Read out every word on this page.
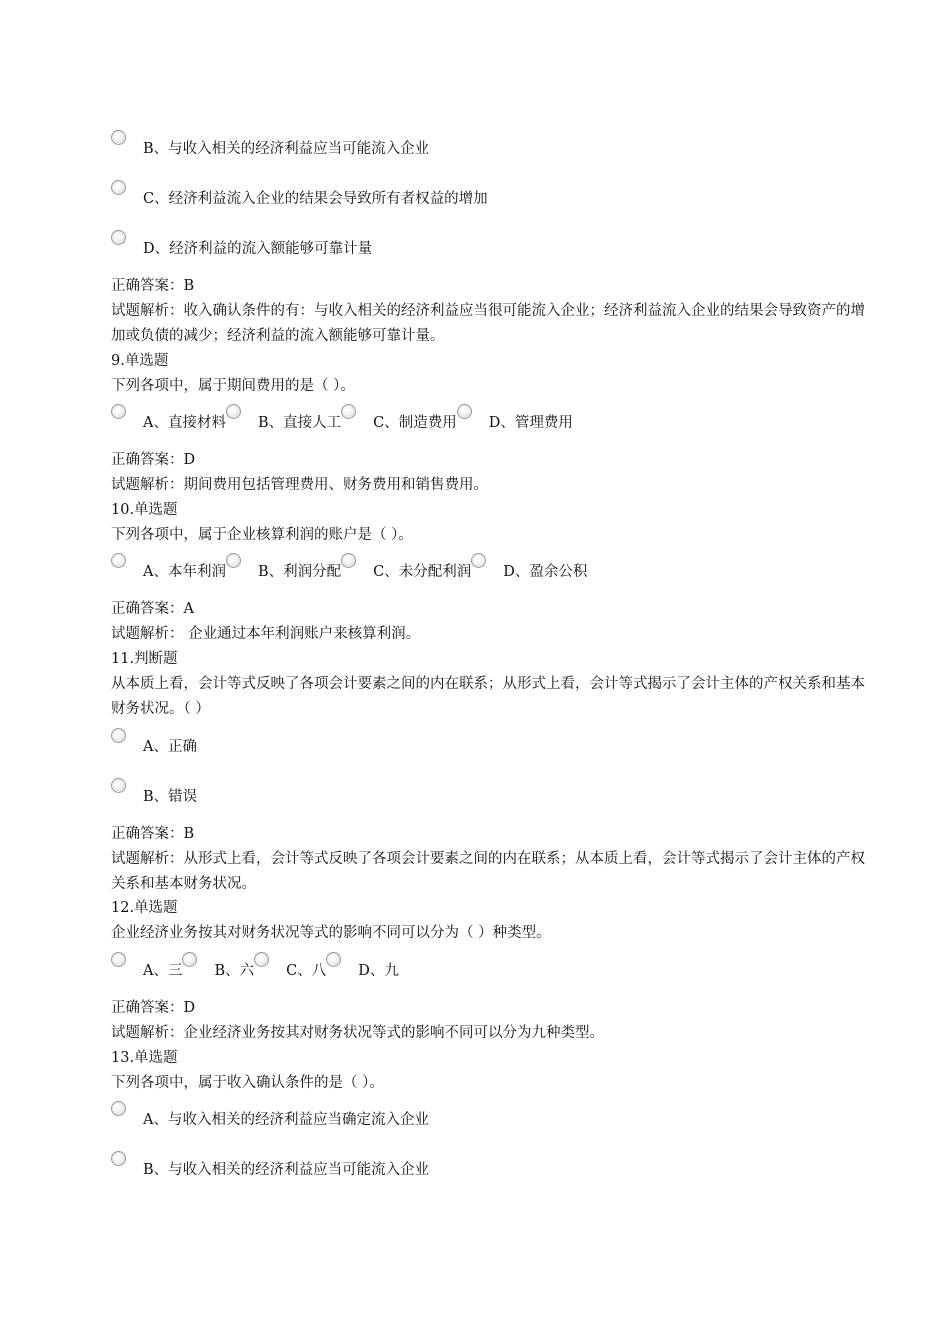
B、与收入相关的经济利益应当可能流入企业
C、经济利益流入企业的结果会导致所有者权益的增加
D、经济利益的流入额能够可靠计量
正确答案：B
试题解析：收入确认条件的有：与收入相关的经济利益应当很可能流入企业；经济利益流入企业的结果会导致资产的增加或负债的减少；经济利益的流入额能够可靠计量。
9.单选题
下列各项中，属于期间费用的是（ ）。
A、直接材料 B、直接人工 C、制造费用 D、管理费用
正确答案：D
试题解析：期间费用包括管理费用、财务费用和销售费用。
10.单选题
下列各项中，属于企业核算利润的账户是（ ）。
A、本年利润 B、利润分配 C、未分配利润 D、盈余公积
正确答案：A
试题解析： 企业通过本年利润账户来核算利润。
11.判断题
从本质上看，会计等式反映了各项会计要素之间的内在联系；从形式上看，会计等式揭示了会计主体的产权关系和基本财务状况。（ ）
A、正确
B、错误
正确答案：B
试题解析：从形式上看，会计等式反映了各项会计要素之间的内在联系；从本质上看，会计等式揭示了会计主体的产权关系和基本财务状况。
12.单选题
企业经济业务按其对财务状况等式的影响不同可以分为（ ）种类型。
A、三 B、六 C、八 D、九
正确答案：D
试题解析：企业经济业务按其对财务状况等式的影响不同可以分为九种类型。
13.单选题
下列各项中，属于收入确认条件的是（ ）。
A、与收入相关的经济利益应当确定流入企业
B、与收入相关的经济利益应当可能流入企业
